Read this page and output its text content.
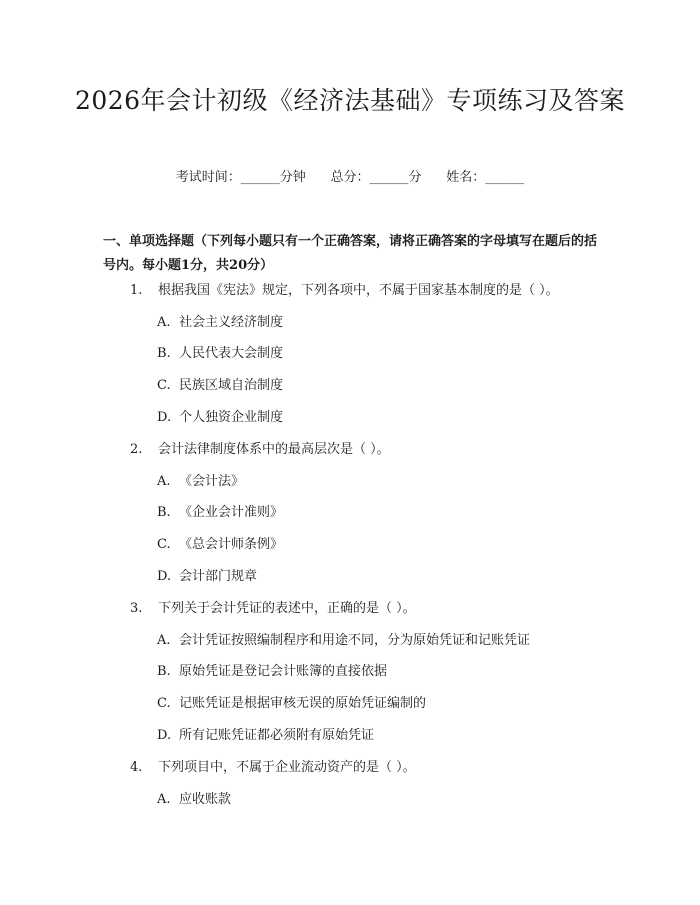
2026年会计初级《经济法基础》专项练习及答案
考试时间：______分钟      总分：______分      姓名：______

一、单项选择题（下列每小题只有一个正确答案，请将正确答案的字母填写在题后的括号内。每小题1分，共20分）

1. 根据我国《宪法》规定，下列各项中，不属于国家基本制度的是（ ）。
A. 社会主义经济制度
B. 人民代表大会制度
C. 民族区域自治制度
D. 个人独资企业制度
2. 会计法律制度体系中的最高层次是（ ）。
A. 《会计法》
B. 《企业会计准则》
C. 《总会计师条例》
D. 会计部门规章
3. 下列关于会计凭证的表述中，正确的是（ ）。
A. 会计凭证按照编制程序和用途不同，分为原始凭证和记账凭证
B. 原始凭证是登记会计账簿的直接依据
C. 记账凭证是根据审核无误的原始凭证编制的
D. 所有记账凭证都必须附有原始凭证
4. 下列项目中，不属于企业流动资产的是（ ）。
A. 应收账款
